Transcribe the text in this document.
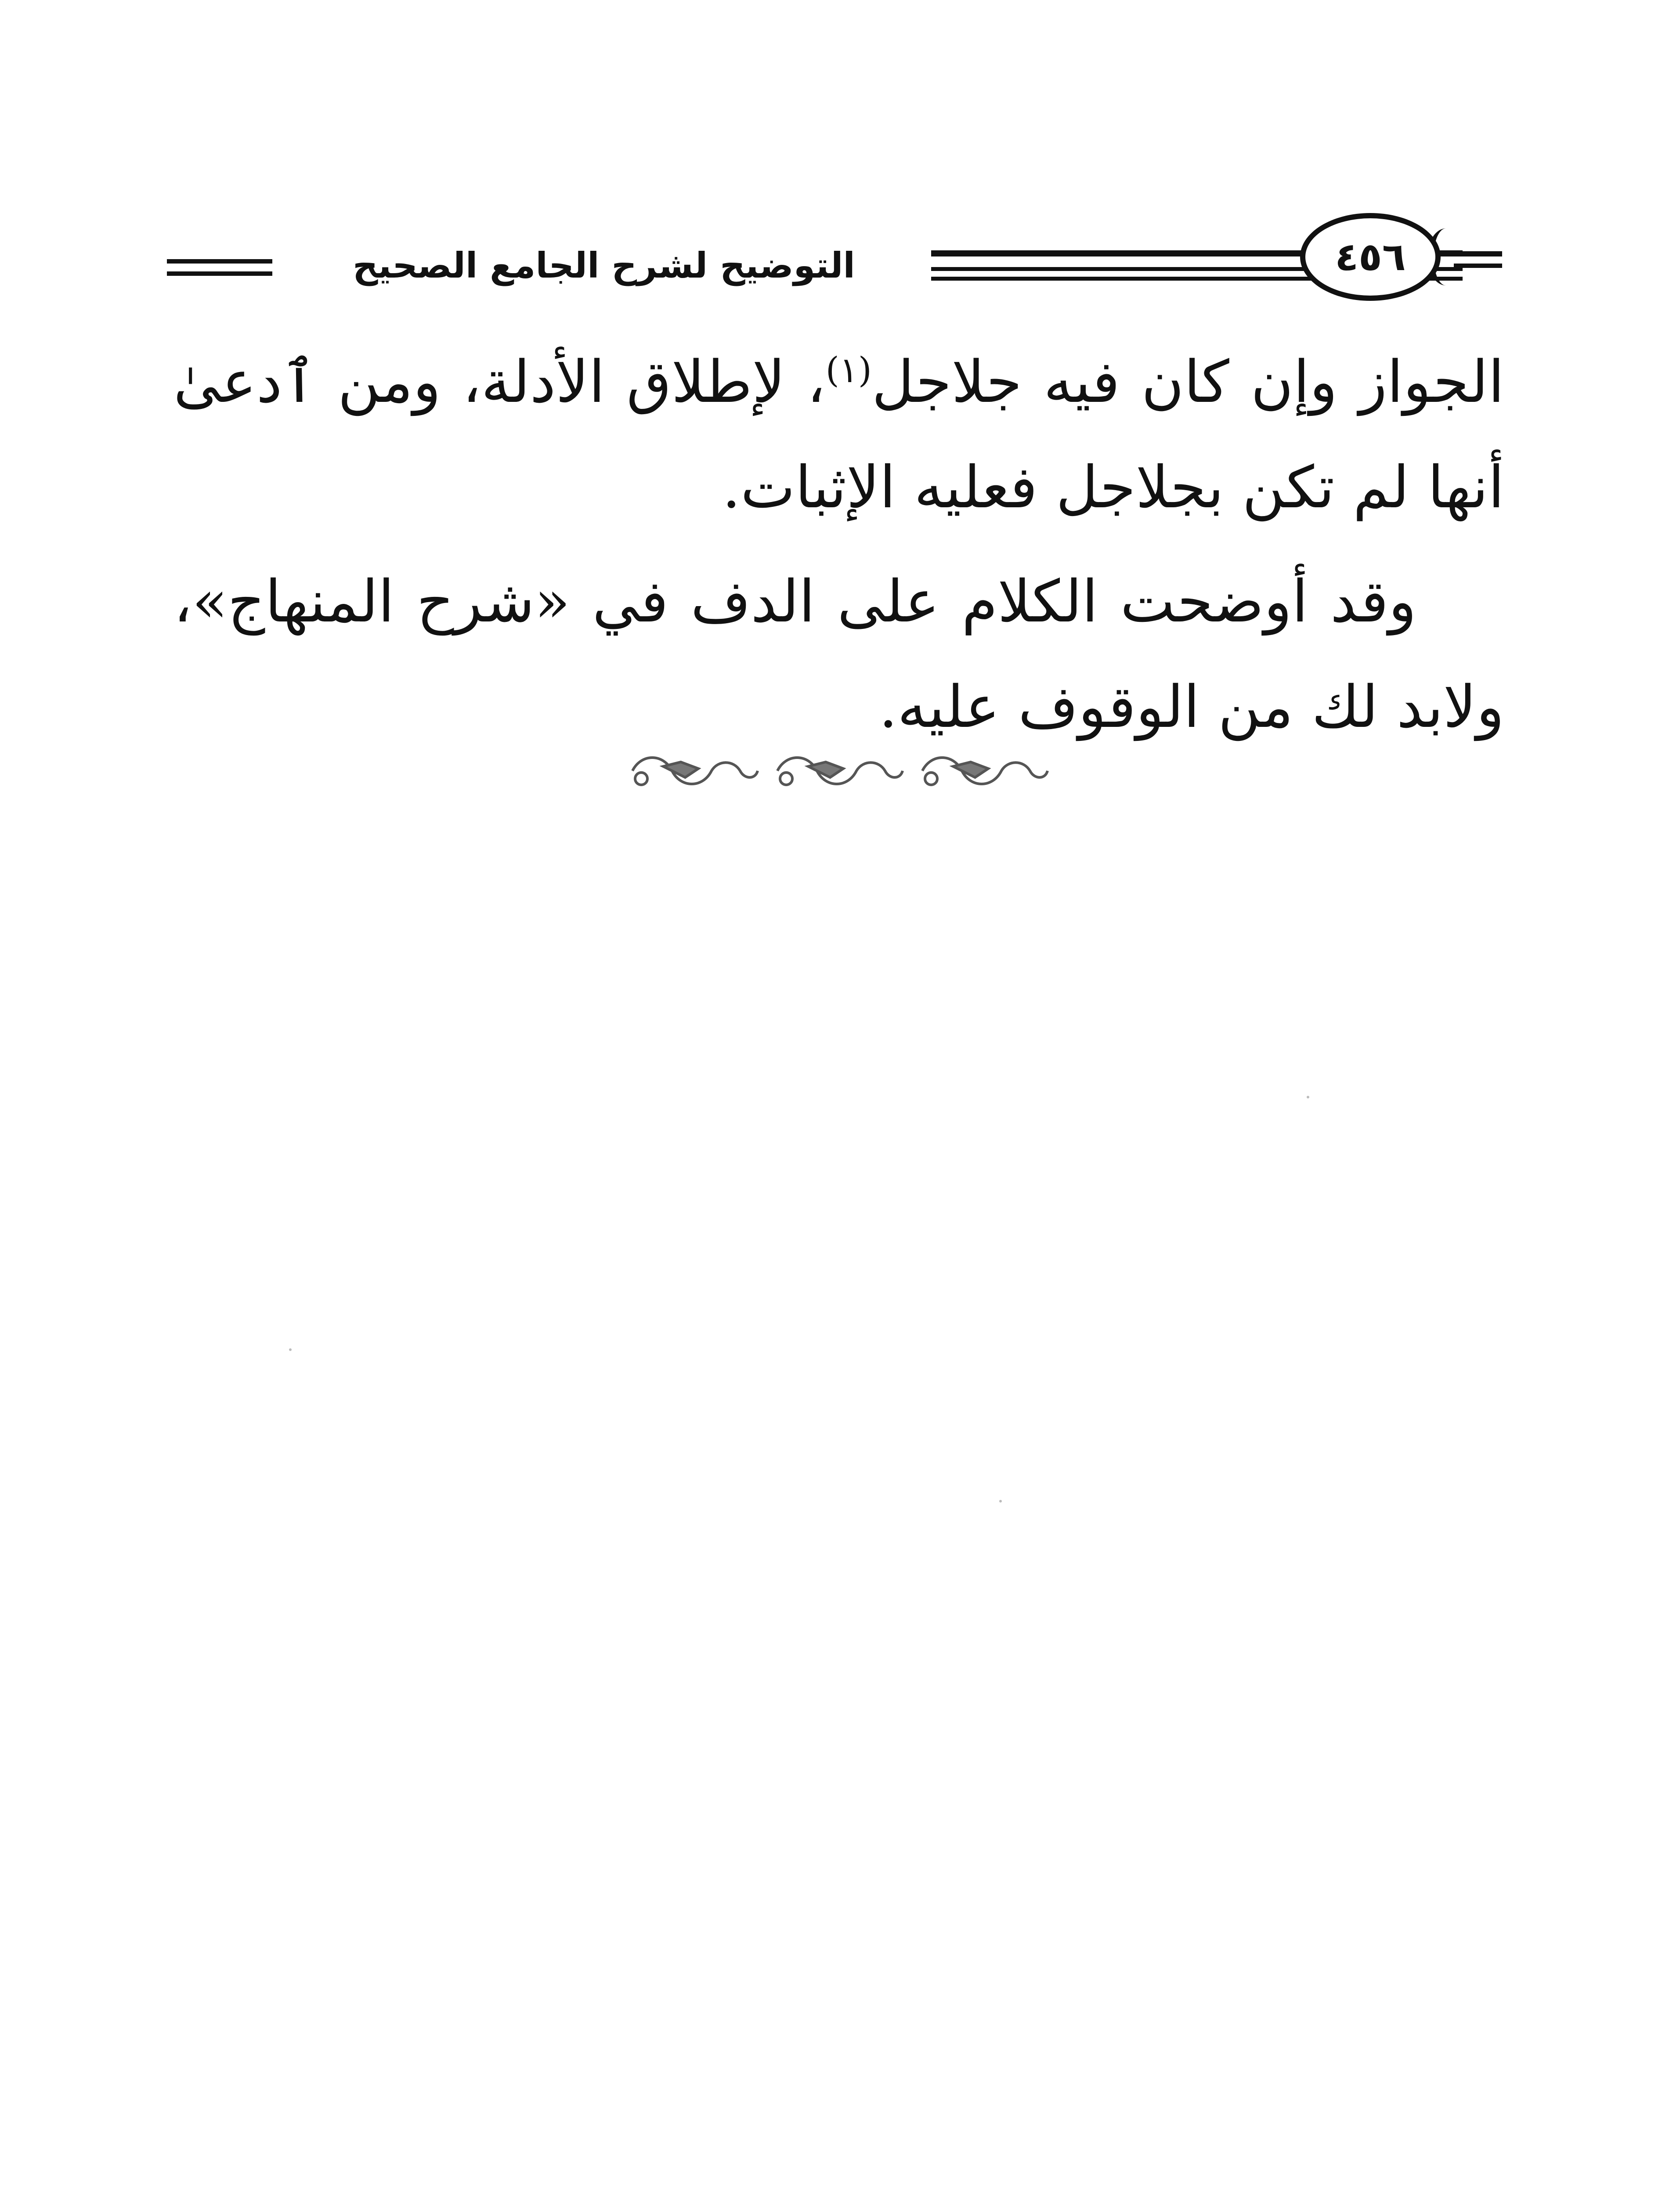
التوضيح لشرح الجامع الصحيح	٤٥٦

الجواز وإن كان فيه جلاجل$^{(١)}$، لإطلاق الأدلة، ومن ٱدعىٰ أنها لم تكن بجلاجل فعليه الإثبات.

وقد أوضحت الكلام على الدف في «شرح المنهاج»، ولابد لك من الوقوف عليه.
